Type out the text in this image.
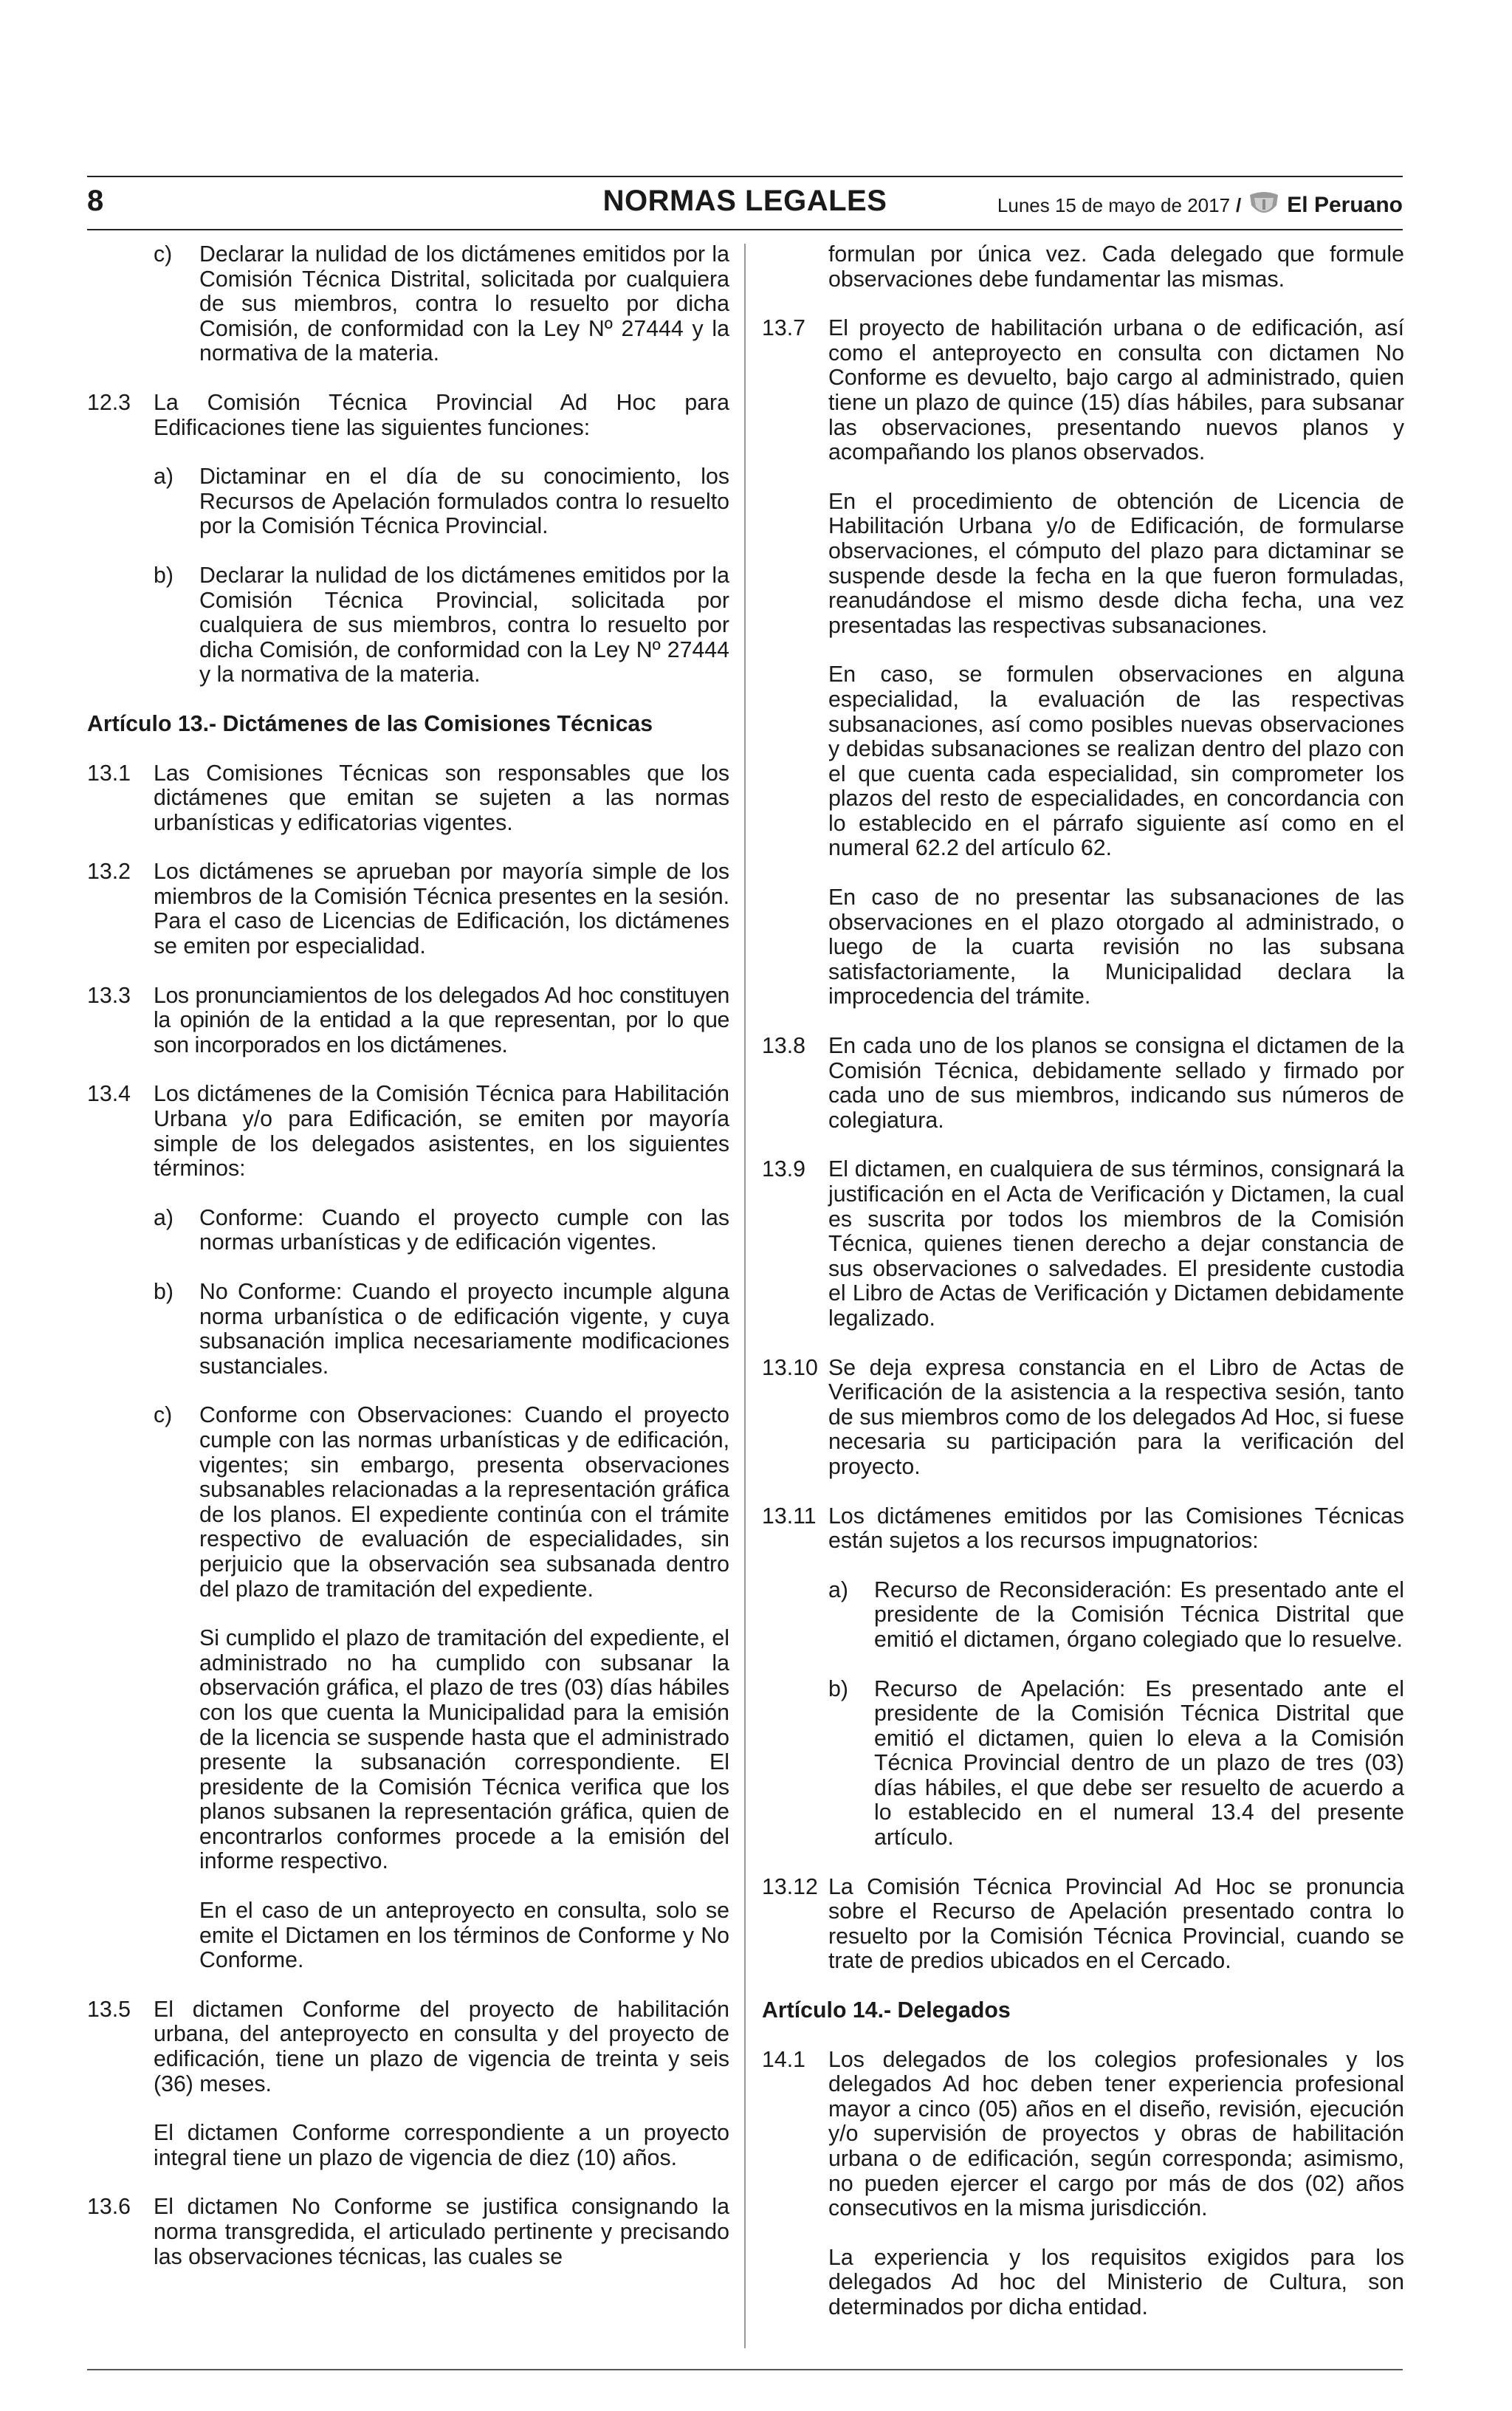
8	NORMAS LEGALES	Lunes 15 de mayo de 2017 / El Peruano
c)	Declarar la nulidad de los dictámenes emitidos por la Comisión Técnica Distrital, solicitada por cualquiera de sus miembros, contra lo resuelto por dicha Comisión, de conformidad con la Ley Nº 27444 y la normativa de la materia.
12.3	La Comisión Técnica Provincial Ad Hoc para Edificaciones tiene las siguientes funciones:
a)	Dictaminar en el día de su conocimiento, los Recursos de Apelación formulados contra lo resuelto por la Comisión Técnica Provincial.
b)	Declarar la nulidad de los dictámenes emitidos por la Comisión Técnica Provincial, solicitada por cualquiera de sus miembros, contra lo resuelto por dicha Comisión, de conformidad con la Ley Nº 27444 y la normativa de la materia.
Artículo 13.- Dictámenes de las Comisiones Técnicas
13.1	Las Comisiones Técnicas son responsables que los dictámenes que emitan se sujeten a las normas urbanísticas y edificatorias vigentes.
13.2	Los dictámenes se aprueban por mayoría simple de los miembros de la Comisión Técnica presentes en la sesión. Para el caso de Licencias de Edificación, los dictámenes se emiten por especialidad.
13.3	Los pronunciamientos de los delegados Ad hoc constituyen la opinión de la entidad a la que representan, por lo que son incorporados en los dictámenes.
13.4	Los dictámenes de la Comisión Técnica para Habilitación Urbana y/o para Edificación, se emiten por mayoría simple de los delegados asistentes, en los siguientes términos:
a)	Conforme: Cuando el proyecto cumple con las normas urbanísticas y de edificación vigentes.
b)	No Conforme: Cuando el proyecto incumple alguna norma urbanística o de edificación vigente, y cuya subsanación implica necesariamente modificaciones sustanciales.
c)	Conforme con Observaciones: Cuando el proyecto cumple con las normas urbanísticas y de edificación, vigentes; sin embargo, presenta observaciones subsanables relacionadas a la representación gráfica de los planos. El expediente continúa con el trámite respectivo de evaluación de especialidades, sin perjuicio que la observación sea subsanada dentro del plazo de tramitación del expediente.
Si cumplido el plazo de tramitación del expediente, el administrado no ha cumplido con subsanar la observación gráfica, el plazo de tres (03) días hábiles con los que cuenta la Municipalidad para la emisión de la licencia se suspende hasta que el administrado presente la subsanación correspondiente. El presidente de la Comisión Técnica verifica que los planos subsanen la representación gráfica, quien de encontrarlos conformes procede a la emisión del informe respectivo.
En el caso de un anteproyecto en consulta, solo se emite el Dictamen en los términos de Conforme y No Conforme.
13.5	El dictamen Conforme del proyecto de habilitación urbana, del anteproyecto en consulta y del proyecto de edificación, tiene un plazo de vigencia de treinta y seis (36) meses.
El dictamen Conforme correspondiente a un proyecto integral tiene un plazo de vigencia de diez (10) años.
13.6	El dictamen No Conforme se justifica consignando la norma transgredida, el articulado pertinente y precisando las observaciones técnicas, las cuales se
formulan por única vez. Cada delegado que formule observaciones debe fundamentar las mismas.
13.7	El proyecto de habilitación urbana o de edificación, así como el anteproyecto en consulta con dictamen No Conforme es devuelto, bajo cargo al administrado, quien tiene un plazo de quince (15) días hábiles, para subsanar las observaciones, presentando nuevos planos y acompañando los planos observados.
En el procedimiento de obtención de Licencia de Habilitación Urbana y/o de Edificación, de formularse observaciones, el cómputo del plazo para dictaminar se suspende desde la fecha en la que fueron formuladas, reanudándose el mismo desde dicha fecha, una vez presentadas las respectivas subsanaciones.
En caso, se formulen observaciones en alguna especialidad, la evaluación de las respectivas subsanaciones, así como posibles nuevas observaciones y debidas subsanaciones se realizan dentro del plazo con el que cuenta cada especialidad, sin comprometer los plazos del resto de especialidades, en concordancia con lo establecido en el párrafo siguiente así como en el numeral 62.2 del artículo 62.
En caso de no presentar las subsanaciones de las observaciones en el plazo otorgado al administrado, o luego de la cuarta revisión no las subsana satisfactoriamente, la Municipalidad declara la improcedencia del trámite.
13.8	En cada uno de los planos se consigna el dictamen de la Comisión Técnica, debidamente sellado y firmado por cada uno de sus miembros, indicando sus números de colegiatura.
13.9	El dictamen, en cualquiera de sus términos, consignará la justificación en el Acta de Verificación y Dictamen, la cual es suscrita por todos los miembros de la Comisión Técnica, quienes tienen derecho a dejar constancia de sus observaciones o salvedades. El presidente custodia el Libro de Actas de Verificación y Dictamen debidamente legalizado.
13.10 Se deja expresa constancia en el Libro de Actas de Verificación de la asistencia a la respectiva sesión, tanto de sus miembros como de los delegados Ad Hoc, si fuese necesaria su participación para la verificación del proyecto.
13.11 Los dictámenes emitidos por las Comisiones Técnicas están sujetos a los recursos impugnatorios:
a)	Recurso de Reconsideración: Es presentado ante el presidente de la Comisión Técnica Distrital que emitió el dictamen, órgano colegiado que lo resuelve.
b)	Recurso de Apelación: Es presentado ante el presidente de la Comisión Técnica Distrital que emitió el dictamen, quien lo eleva a la Comisión Técnica Provincial dentro de un plazo de tres (03) días hábiles, el que debe ser resuelto de acuerdo a lo establecido en el numeral 13.4 del presente artículo.
13.12 La Comisión Técnica Provincial Ad Hoc se pronuncia sobre el Recurso de Apelación presentado contra lo resuelto por la Comisión Técnica Provincial, cuando se trate de predios ubicados en el Cercado.
Artículo 14.- Delegados
14.1	Los delegados de los colegios profesionales y los delegados Ad hoc deben tener experiencia profesional mayor a cinco (05) años en el diseño, revisión, ejecución y/o supervisión de proyectos y obras de habilitación urbana o de edificación, según corresponda; asimismo, no pueden ejercer el cargo por más de dos (02) años consecutivos en la misma jurisdicción.
La experiencia y los requisitos exigidos para los delegados Ad hoc del Ministerio de Cultura, son determinados por dicha entidad.
